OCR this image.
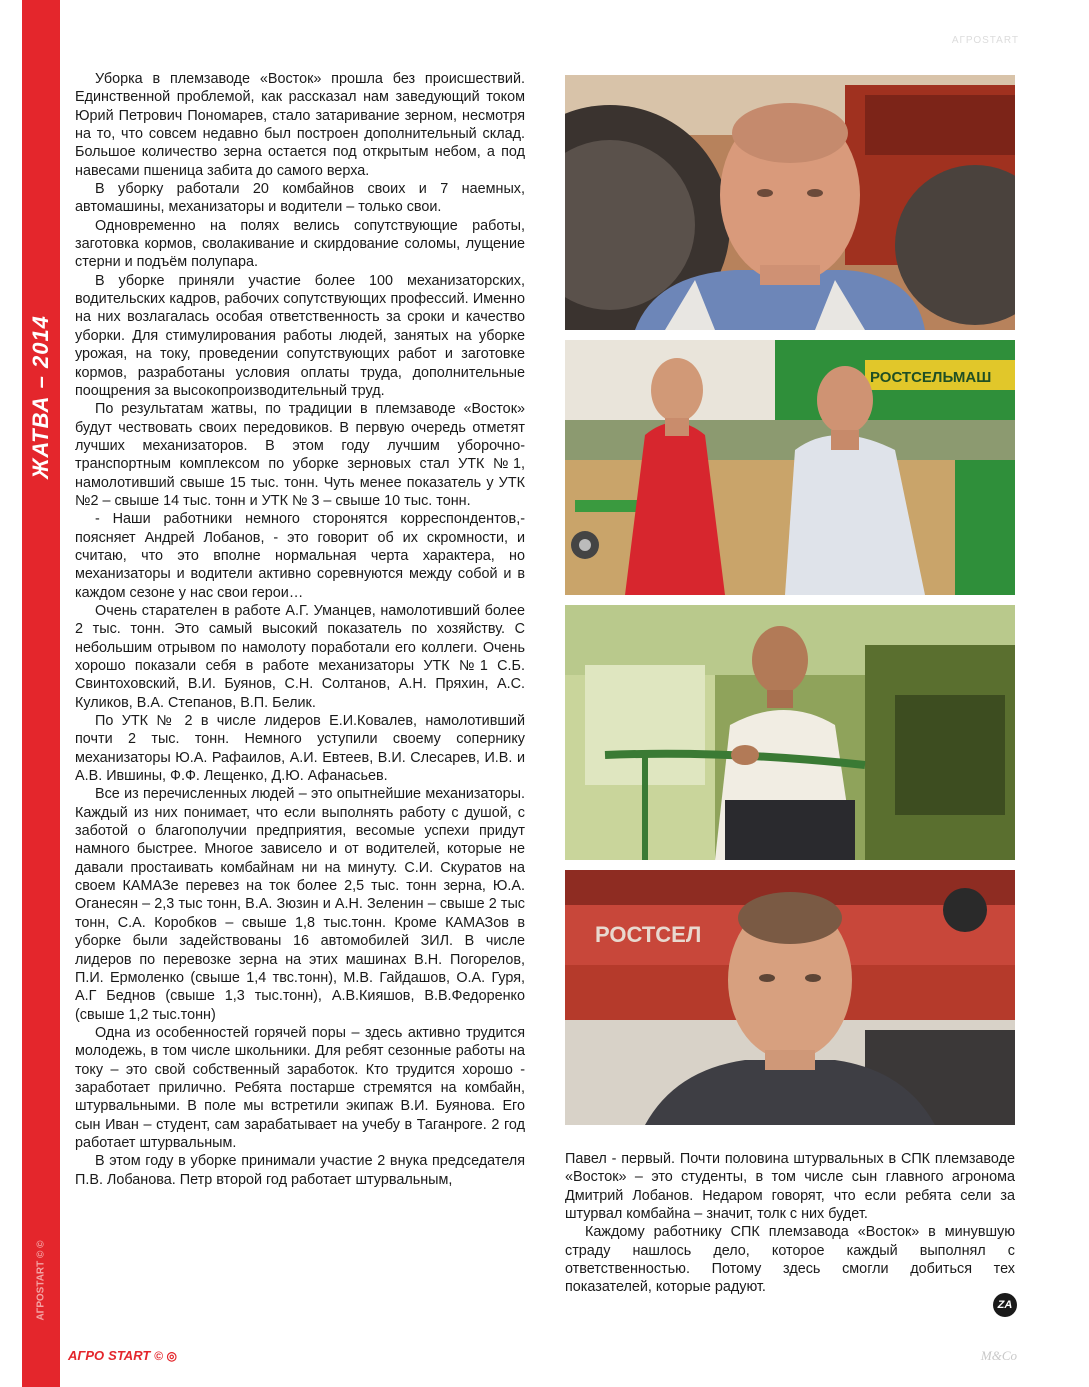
ЖАТВА – 2014
АГРОSTART © ©
АГРОSTART

Уборка в племзаводе «Восток» прошла без происшествий. Единственной проблемой, как рассказал нам заведующий током Юрий Петрович Пономарев, стало затаривание зерном, несмотря на то, что совсем недавно был построен дополнительный склад. Большое количество зерна остается под открытым небом, а под навесами пшеница забита до самого верха.

В уборку работали 20 комбайнов своих и 7 наемных, автомашины, механизаторы и водители – только свои.

Одновременно на полях велись сопутствующие работы, заготовка кормов, сволакивание и скирдование соломы, лущение стерни и подъём полупара.

В уборке приняли участие более 100 механизаторских, водительских кадров, рабочих сопутствующих профессий. Именно на них возлагалась особая ответственность за сроки и качество уборки. Для стимулирования работы людей, занятых на уборке урожая, на току, проведении сопутствующих работ и заготовке кормов, разработаны условия оплаты труда, дополнительные поощрения за высокопроизводительный труд.

По результатам жатвы, по традиции в племзаводе «Восток» будут чествовать своих передовиков. В первую очередь отметят лучших механизаторов. В этом году лучшим уборочно-транспортным комплексом по уборке зерновых стал УТК №1, намолотивший свыше 15 тыс. тонн. Чуть менее показатель у УТК №2 – свыше 14 тыс. тонн и УТК № 3 – свыше 10 тыс. тонн.

- Наши работники немного сторонятся корреспондентов,- поясняет Андрей Лобанов, - это говорит об их скромности, и считаю, что это вполне нормальная черта характера, но механизаторы и водители активно соревнуются между собой и в каждом сезоне у нас свои герои…

Очень старателен в работе А.Г. Уманцев, намолотивший более 2 тыс. тонн. Это самый высокий показатель по хозяйству. С небольшим отрывом по намолоту поработали его коллеги. Очень хорошо показали себя в работе механизаторы УТК №1 С.Б. Свинтоховский, В.И. Буянов, С.Н. Солтанов, А.Н. Пряхин, А.С. Куликов, В.А. Степанов, В.П. Белик.

По УТК № 2 в числе лидеров Е.И.Ковалев, намолотивший почти 2 тыс. тонн. Немного уступили своему сопернику механизаторы Ю.А. Рафаилов, А.И. Евтеев, В.И. Слесарев, И.В. и А.В. Ившины, Ф.Ф. Лещенко, Д.Ю. Афанасьев.

Все из перечисленных людей – это опытнейшие механизаторы. Каждый из них понимает, что если выполнять работу с душой, с заботой о благополучии предприятия, весомые успехи придут намного быстрее. Многое зависело и от водителей, которые не давали простаивать комбайнам ни на минуту. С.И. Скуратов на своем КАМАЗе перевез на ток более 2,5 тыс. тонн зерна, Ю.А. Оганесян – 2,3 тыс тонн, В.А. Зюзин и А.Н. Зеленин – свыше 2 тыс тонн, С.А. Коробков – свыше 1,8 тыс.тонн. Кроме КАМАЗов в уборке были задействованы 16 автомобилей ЗИЛ. В числе лидеров по перевозке зерна на этих машинах В.Н. Погорелов, П.И. Ермоленко (свыше 1,4 твс.тонн), М.В. Гайдашов, О.А. Гуря, А.Г Беднов (свыше 1,3 тыс.тонн), А.В.Кияшов, В.В.Федоренко (свыше 1,2 тыс.тонн)

Одна из особенностей горячей поры – здесь активно трудится молодежь, в том числе школьники. Для ребят сезонные работы на току – это свой собственный заработок. Кто трудится хорошо - заработает прилично. Ребята постарше стремятся на комбайн, штурвальными. В поле мы встретили экипаж В.И. Буянова. Его сын Иван – студент, сам зарабатывает на учебу в Таганроге. 2 год работает штурвальным.

В этом году в уборке принимали участие 2 внука председателя П.В. Лобанова. Петр второй год работает штурвальным,

РОСТСЕЛЬМАШ
РОСТСЕЛ

Павел - первый. Почти половина штурвальных в СПК племзаводе «Восток» – это студенты, в том числе сын главного агронома Дмитрий Лобанов. Недаром говорят, что если ребята сели за штурвал комбайна – значит, толк с них будет.

Каждому работнику СПК племзавода «Восток» в минувшую страду нашлось дело, которое каждый выполнял с ответственностью. Потому здесь смогли добиться тех показателей, которые радуют.

ZA
АГРО START © ◎	M&Co
